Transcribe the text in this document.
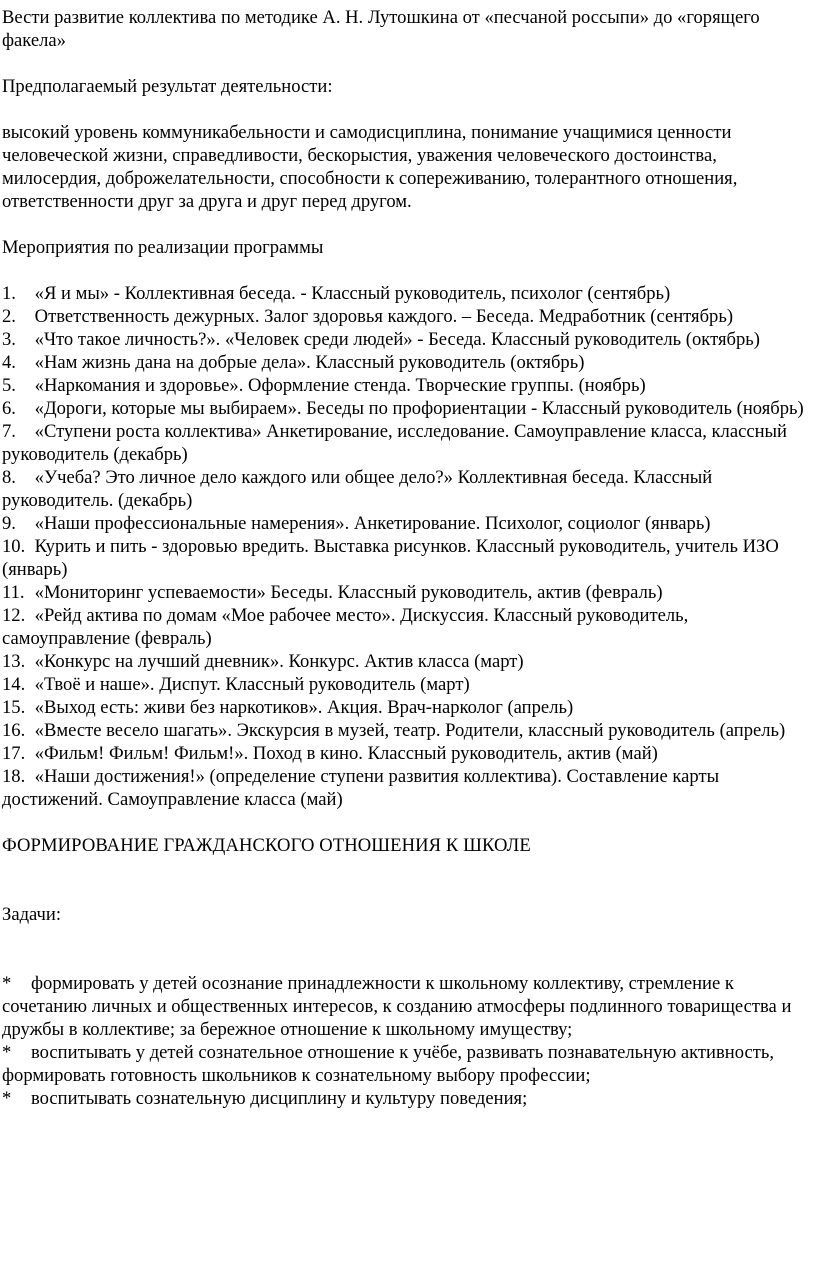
Вести развитие коллектива по методике А. Н. Лутошкина от «песчаной россыпи» до «горящего факела»

Предполагаемый результат деятельности:

высокий уровень коммуникабельности и самодисциплина, понимание учащимися ценности человеческой жизни, справедливости, бескорыстия, уважения человеческого достоинства, милосердия, доброжелательности, способности к сопереживанию, толерантного отношения, ответственности друг за друга и друг перед другом.

Мероприятия по реализации программы

1. «Я и мы» - Коллективная беседа. - Классный руководитель, психолог (сентябрь)

2. Ответственность дежурных. Залог здоровья каждого. – Беседа. Медработник (сентябрь)

3. «Что такое личность?». «Человек среди людей» - Беседа. Классный руководитель (октябрь)

4. «Нам жизнь дана на добрые дела». Классный руководитель (октябрь)

5. «Наркомания и здоровье». Оформление стенда. Творческие группы. (ноябрь)

6. «Дороги, которые мы выбираем». Беседы по профориентации - Классный руководитель (ноябрь)

7. «Ступени роста коллектива» Анкетирование, исследование. Самоуправление класса, классный руководитель (декабрь)

8. «Учеба? Это личное дело каждого или общее дело?» Коллективная беседа. Классный руководитель. (декабрь)

9. «Наши профессиональные намерения». Анкетирование. Психолог, социолог (январь)

10. Курить и пить - здоровью вредить. Выставка рисунков. Классный руководитель, учитель ИЗО (январь)

11. «Мониторинг успеваемости» Беседы. Классный руководитель, актив (февраль)

12. «Рейд актива по домам «Мое рабочее место». Дискуссия. Классный руководитель, самоуправление (февраль)

13. «Конкурс на лучший дневник». Конкурс. Актив класса (март)

14. «Твоё и наше». Диспут. Классный руководитель (март)

15. «Выход есть: живи без наркотиков». Акция. Врач-нарколог (апрель)

16. «Вместе весело шагать». Экскурсия в музей, театр. Родители, классный руководитель (апрель)

17. «Фильм! Фильм! Фильм!». Поход в кино. Классный руководитель, актив (май)

18. «Наши достижения!» (определение ступени развития коллектива). Составление карты достижений. Самоуправление класса (май)

ФОРМИРОВАНИЕ ГРАЖДАНСКОГО ОТНОШЕНИЯ К ШКОЛЕ

Задачи:

* формировать у детей осознание принадлежности к школьному коллективу, стремление к сочетанию личных и общественных интересов, к созданию атмосферы подлинного товарищества и дружбы в коллективе; за бережное отношение к школьному имуществу;

* воспитывать у детей сознательное отношение к учёбе, развивать познавательную активность, формировать готовность школьников к сознательному выбору профессии;

* воспитывать сознательную дисциплину и культуру поведения;
